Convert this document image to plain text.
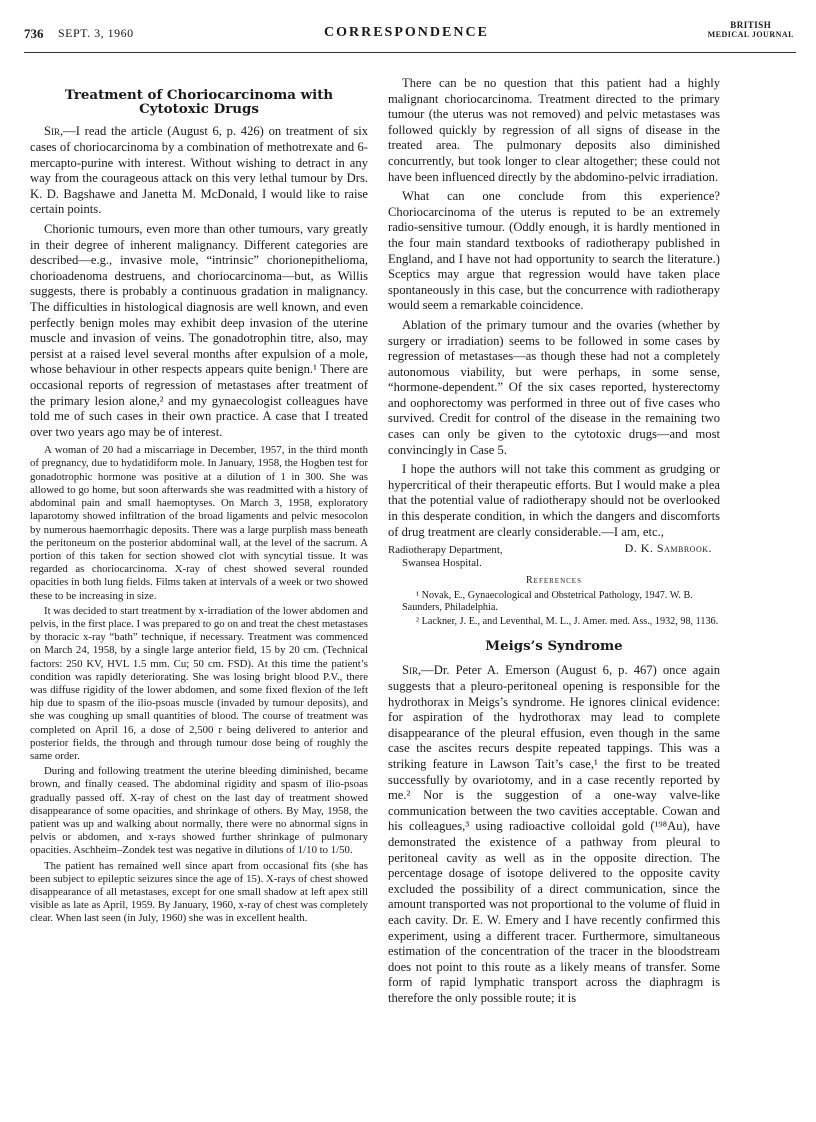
736 SEPT. 3, 1960	CORRESPONDENCE	BRITISH
MEDICAL JOURNAL
Treatment of Choriocarcinoma with Cytotoxic Drugs

Sir,—I read the article (August 6, p. 426) on treatment of six cases of choriocarcinoma by a combination of methotrexate and 6-mercapto-purine with interest. Without wishing to detract in any way from the courageous attack on this very lethal tumour by Drs. K. D. Bagshawe and Janetta M. McDonald, I would like to raise certain points.

Chorionic tumours, even more than other tumours, vary greatly in their degree of inherent malignancy. Different categories are described—e.g., invasive mole, “intrinsic” chorionepithelioma, chorioadenoma destruens, and choriocarcinoma—but, as Willis suggests, there is probably a continuous gradation in malignancy. The difficulties in histological diagnosis are well known, and even perfectly benign moles may exhibit deep invasion of the uterine muscle and invasion of veins. The gonadotrophin titre, also, may persist at a raised level several months after expulsion of a mole, whose behaviour in other respects appears quite benign.¹ There are occasional reports of regression of metastases after treatment of the primary lesion alone,² and my gynaecologist colleagues have told me of such cases in their own practice. A case that I treated over two years ago may be of interest.

A woman of 20 had a miscarriage in December, 1957, in the third month of pregnancy, due to hydatidiform mole. In January, 1958, the Hogben test for gonadotrophic hormone was positive at a dilution of 1 in 300. She was allowed to go home, but soon afterwards she was readmitted with a history of abdominal pain and small haemoptyses. On March 3, 1958, exploratory laparotomy showed infiltration of the broad ligaments and pelvic mesocolon by numerous haemorrhagic deposits. There was a large purplish mass beneath the peritoneum on the posterior abdominal wall, at the level of the sacrum. A portion of this taken for section showed clot with syncytial tissue. It was regarded as choriocarcinoma. X-ray of chest showed several rounded opacities in both lung fields. Films taken at intervals of a week or two showed these to be increasing in size.

It was decided to start treatment by x-irradiation of the lower abdomen and pelvis, in the first place. I was prepared to go on and treat the chest metastases by thoracic x-ray “bath” technique, if necessary. Treatment was commenced on March 24, 1958, by a single large anterior field, 15 by 20 cm. (Technical factors: 250 KV, HVL 1.5 mm. Cu; 50 cm. FSD). At this time the patient’s condition was rapidly deteriorating. She was losing bright blood P.V., there was diffuse rigidity of the lower abdomen, and some fixed flexion of the left hip due to spasm of the ilio-psoas muscle (invaded by tumour deposits), and she was coughing up small quantities of blood. The course of treatment was completed on April 16, a dose of 2,500 r being delivered to anterior and posterior fields, the through and through tumour dose being of roughly the same order.

During and following treatment the uterine bleeding diminished, became brown, and finally ceased. The abdominal rigidity and spasm of ilio-psoas gradually passed off. X-ray of chest on the last day of treatment showed disappearance of some opacities, and shrinkage of others. By May, 1958, the patient was up and walking about normally, there were no abnormal signs in pelvis or abdomen, and x-rays showed further shrinkage of pulmonary opacities. Aschheim–Zondek test was negative in dilutions of 1/10 to 1/50.

The patient has remained well since apart from occasional fits (she has been subject to epileptic seizures since the age of 15). X-rays of chest showed disappearance of all metastases, except for one small shadow at left apex still visible as late as April, 1959. By January, 1960, x-ray of chest was completely clear. When last seen (in July, 1960) she was in excellent health.

There can be no question that this patient had a highly malignant choriocarcinoma. Treatment directed to the primary tumour (the uterus was not removed) and pelvic metastases was followed quickly by regression of all signs of disease in the treated area. The pulmonary deposits also diminished concurrently, but took longer to clear altogether; these could not have been influenced directly by the abdomino-pelvic irradiation.

What can one conclude from this experience? Choriocarcinoma of the uterus is reputed to be an extremely radio-sensitive tumour. (Oddly enough, it is hardly mentioned in the four main standard textbooks of radiotherapy published in England, and I have not had opportunity to search the literature.) Sceptics may argue that regression would have taken place spontaneously in this case, but the concurrence with radiotherapy would seem a remarkable coincidence.

Ablation of the primary tumour and the ovaries (whether by surgery or irradiation) seems to be followed in some cases by regression of metastases—as though these had not a completely autonomous viability, but were perhaps, in some sense, “hormone-dependent.” Of the six cases reported, hysterectomy and oophorectomy was performed in three out of five cases who survived. Credit for control of the disease in the remaining two cases can only be given to the cytotoxic drugs—and most convincingly in Case 5.

I hope the authors will not take this comment as grudging or hypercritical of their therapeutic efforts. But I would make a plea that the potential value of radiotherapy should not be overlooked in this desperate condition, in which the dangers and discomforts of drug treatment are clearly considerable.—I am, etc.,

Radiotherapy Department,
Swansea Hospital.
D. K. Sambrook.
References

¹ Novak, E., Gynaecological and Obstetrical Pathology, 1947. W. B. Saunders, Philadelphia.

² Lackner, J. E., and Leventhal, M. L., J. Amer. med. Ass., 1932, 98, 1136.

Meigs’s Syndrome

Sir,—Dr. Peter A. Emerson (August 6, p. 467) once again suggests that a pleuro-peritoneal opening is responsible for the hydrothorax in Meigs’s syndrome. He ignores clinical evidence: for aspiration of the hydrothorax may lead to complete disappearance of the pleural effusion, even though in the same case the ascites recurs despite repeated tappings. This was a striking feature in Lawson Tait’s case,¹ the first to be treated successfully by ovariotomy, and in a case recently reported by me.² Nor is the suggestion of a one-way valve-like communication between the two cavities acceptable. Cowan and his colleagues,³ using radioactive colloidal gold (¹⁹⁸Au), have demonstrated the existence of a pathway from pleural to peritoneal cavity as well as in the opposite direction. The percentage dosage of isotope delivered to the opposite cavity excluded the possibility of a direct communication, since the amount transported was not proportional to the volume of fluid in each cavity. Dr. E. W. Emery and I have recently confirmed this experiment, using a different tracer. Furthermore, simultaneous estimation of the concentration of the tracer in the bloodstream does not point to this route as a likely means of transfer. Some form of rapid lymphatic transport across the diaphragm is therefore the only possible route; it is
